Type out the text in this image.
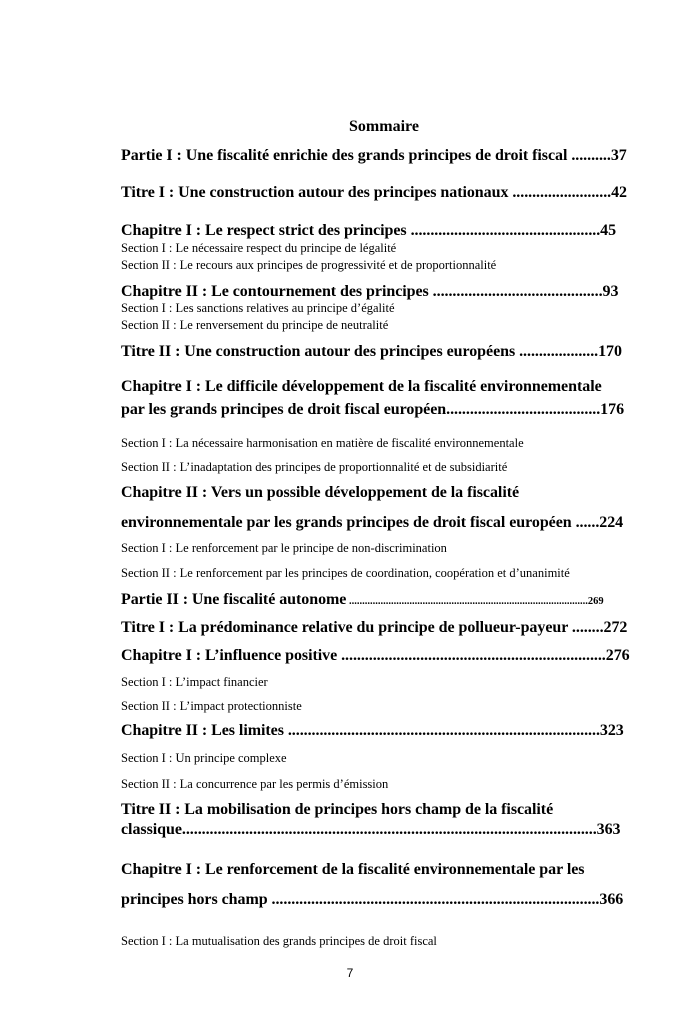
Sommaire
Partie I : Une fiscalité enrichie des grands principes de droit fiscal ..........37
Titre I : Une construction autour des principes nationaux .........................42
Chapitre I : Le respect strict des principes ................................................45
Section I : Le nécessaire respect du principe de légalité
Section II : Le recours aux principes de progressivité et de proportionnalité
Chapitre II : Le contournement des principes ...........................................93
Section I : Les sanctions relatives au principe d’égalité
Section II : Le renversement du principe de neutralité
Titre II : Une construction autour des principes européens ....................170
Chapitre I : Le difficile développement de la fiscalité environnementale
par les grands principes de droit fiscal européen.......................................176
Section I : La nécessaire harmonisation en matière de fiscalité environnementale
Section II : L’inadaptation des principes de proportionnalité et de subsidiarité
Chapitre II : Vers un possible développement de la fiscalité
environnementale par les grands principes de droit fiscal européen ......224
Section I : Le renforcement par le principe de non-discrimination
Section II : Le renforcement par les principes de coordination, coopération et d’unanimité
Partie II : Une fiscalité autonome ...........................................................................................269
Titre I : La prédominance relative du principe de pollueur-payeur ........272
Chapitre I : L’influence positive ...................................................................276
Section I : L’impact financier
Section II : L’impact protectionniste
Chapitre II : Les limites ...............................................................................323
Section I : Un principe complexe
Section II : La concurrence par les permis d’émission
Titre II : La mobilisation de principes hors champ de la fiscalité
classique.........................................................................................................363
Chapitre I : Le renforcement de la fiscalité environnementale par les
principes hors champ ...................................................................................366
Section I : La mutualisation des grands principes de droit fiscal
7
